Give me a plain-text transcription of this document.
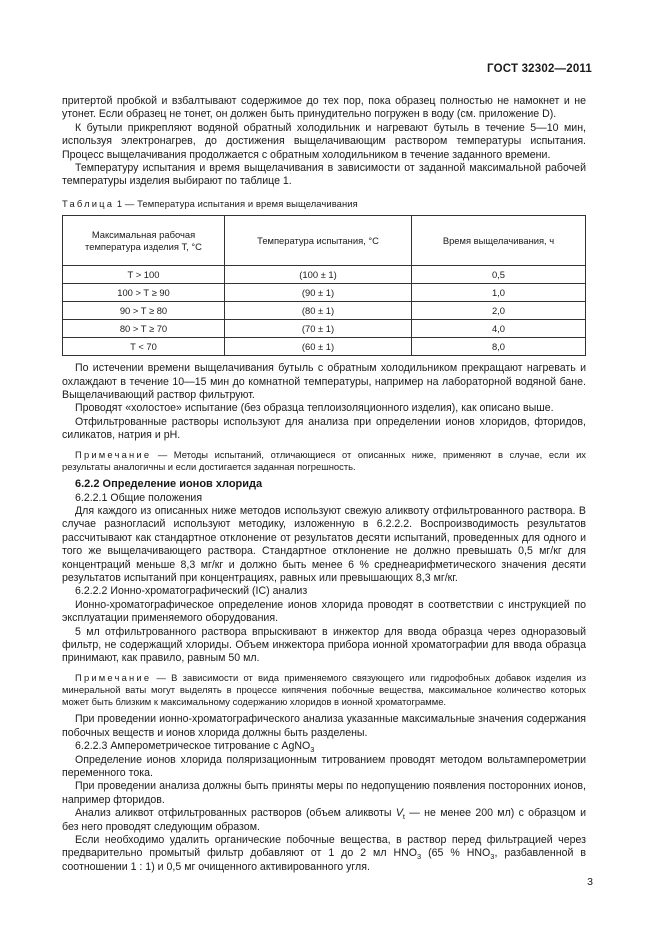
ГОСТ 32302—2011

притертой пробкой и взбалтывают содержимое до тех пор, пока образец полностью не намокнет и не утонет. Если образец не тонет, он должен быть принудительно погружен в воду (см. приложение D).

К бутыли прикрепляют водяной обратный холодильник и нагревают бутыль в течение 5—10 мин, используя электронагрев, до достижения выщелачивающим раствором температуры испытания. Процесс выщелачивания продолжается с обратным холодильником в течение заданного времени.

Температуру испытания и время выщелачивания в зависимости от заданной максимальной рабочей температуры изделия выбирают по таблице 1.

Таблица 1 — Температура испытания и время выщелачивания

Максимальная рабочая температура изделия T, °C	Температура испытания, °C	Время выщелачивания, ч
T > 100	(100 ± 1)	0,5
100 > T ≥ 90	(90 ± 1)	1,0
90 > T ≥ 80	(80 ± 1)	2,0
80 > T ≥ 70	(70 ± 1)	4,0
T < 70	(60 ± 1)	8,0

По истечении времени выщелачивания бутыль с обратным холодильником прекращают нагревать и охлаждают в течение 10—15 мин до комнатной температуры, например на лабораторной водяной бане. Выщелачивающий раствор фильтруют.

Проводят «холостое» испытание (без образца теплоизоляционного изделия), как описано выше.

Отфильтрованные растворы используют для анализа при определении ионов хлоридов, фторидов, силикатов, натрия и pH.

Примечание — Методы испытаний, отличающиеся от описанных ниже, применяют в случае, если их результаты аналогичны и если достигается заданная погрешность.

6.2.2 Определение ионов хлорида

6.2.2.1 Общие положения

Для каждого из описанных ниже методов используют свежую аликвоту отфильтрованного раствора. В случае разногласий используют методику, изложенную в 6.2.2.2. Воспроизводимость результатов рассчитывают как стандартное отклонение от результатов десяти испытаний, проведенных для одного и того же выщелачивающего раствора. Стандартное отклонение не должно превышать 0,5 мг/кг для концентраций меньше 8,3 мг/кг и должно быть менее 6 % среднеарифметического значения десяти результатов испытаний при концентрациях, равных или превышающих 8,3 мг/кг.

6.2.2.2 Ионно-хроматографический (IC) анализ

Ионно-хроматографическое определение ионов хлорида проводят в соответствии с инструкцией по эксплуатации применяемого оборудования.

5 мл отфильтрованного раствора впрыскивают в инжектор для ввода образца через одноразовый фильтр, не содержащий хлориды. Объем инжектора прибора ионной хроматографии для ввода образца принимают, как правило, равным 50 мл.

Примечание — В зависимости от вида применяемого связующего или гидрофобных добавок изделия из минеральной ваты могут выделять в процессе кипячения побочные вещества, максимальное количество которых может быть близким к максимальному содержанию хлоридов в ионной хроматограмме.

При проведении ионно-хроматографического анализа указанные максимальные значения содержания побочных веществ и ионов хлорида должны быть разделены.

6.2.2.3 Амперометрическое титрование с AgNO$_3$

Определение ионов хлорида поляризационным титрованием проводят методом вольтамперометрии переменного тока.

При проведении анализа должны быть приняты меры по недопущению появления посторонних ионов, например фторидов.

Анализ аликвот отфильтрованных растворов (объем аликвоты $V_t$ — не менее 200 мл) с образцом и без него проводят следующим образом.

Если необходимо удалить органические побочные вещества, в раствор перед фильтрацией через предварительно промытый фильтр добавляют от 1 до 2 мл $HNO_3$ (65 % $HNO_3$, разбавленной в соотношении 1 : 1) и 0,5 мг очищенного активированного угля.

3
